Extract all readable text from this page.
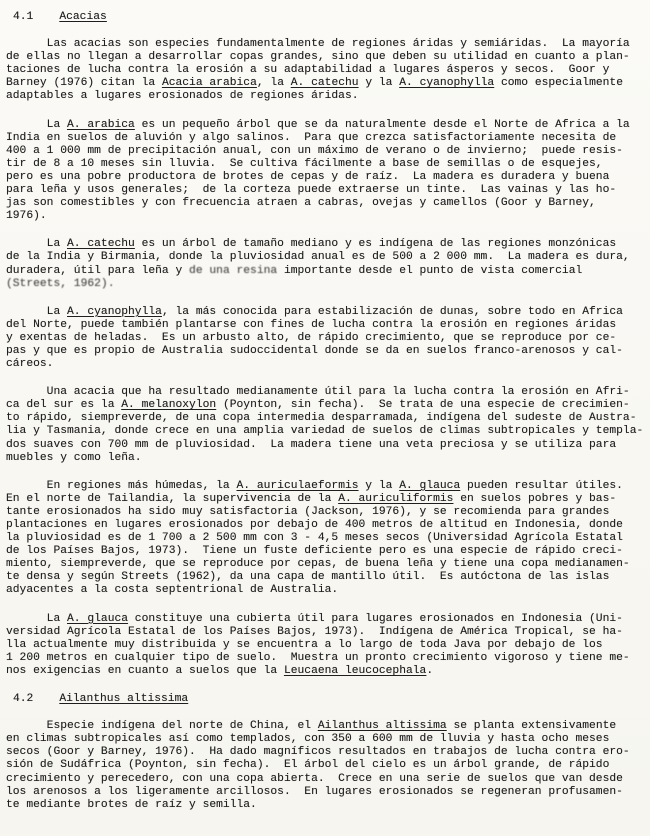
4.1 Acacias
Las acacias son especies fundamentalmente de regiones áridas y semiáridas.  La mayoría
de ellas no llegan a desarrollar copas grandes, sino que deben su utilidad en cuanto a plan-
taciones de lucha contra la erosión a su adaptabilidad a lugares ásperos y secos.  Goor y
Barney (1976) citan la Acacia arabica, la A. catechu y la A. cyanophylla como especialmente
adaptables a lugares erosionados de regiones áridas.
La A. arabica es un pequeño árbol que se da naturalmente desde el Norte de Africa a la
India en suelos de aluvión y algo salinos.  Para que crezca satisfactoriamente necesita de
400 a 1 000 mm de precipitación anual, con un máximo de verano o de invierno;  puede resis-
tir de 8 a 10 meses sin lluvia.  Se cultiva fácilmente a base de semillas o de esquejes,
pero es una pobre productora de brotes de cepas y de raíz.  La madera es duradera y buena
para leña y usos generales;  de la corteza puede extraerse un tinte.  Las vainas y las ho-
jas son comestibles y con frecuencia atraen a cabras, ovejas y camellos (Goor y Barney,
1976).
La A. catechu es un árbol de tamaño mediano y es indígena de las regiones monzónicas
de la India y Birmania, donde la pluviosidad anual es de 500 a 2 000 mm.  La madera es dura,
duradera, útil para leña y de una resina importante desde el punto de vista comercial
(Streets, 1962).
La A. cyanophylla, la más conocida para estabilización de dunas, sobre todo en Africa
del Norte, puede también plantarse con fines de lucha contra la erosión en regiones áridas
y exentas de heladas.  Es un arbusto alto, de rápido crecimiento, que se reproduce por ce-
pas y que es propio de Australia sudoccidental donde se da en suelos franco-arenosos y cal-
cáreos.
Una acacia que ha resultado medianamente útil para la lucha contra la erosión en Afri-
ca del sur es la A. melanoxylon (Poynton, sin fecha).  Se trata de una especie de crecimien-
to rápido, siempreverde, de una copa intermedia desparramada, indígena del sudeste de Austra-
lia y Tasmania, donde crece en una amplia variedad de suelos de climas subtropicales y templa-
dos suaves con 700 mm de pluviosidad.  La madera tiene una veta preciosa y se utiliza para
muebles y como leña.
En regiones más húmedas, la A. auriculaeformis y la A. glauca pueden resultar útiles.
En el norte de Tailandia, la supervivencia de la A. auriculiformis en suelos pobres y bas-
tante erosionados ha sido muy satisfactoria (Jackson, 1976), y se recomienda para grandes
plantaciones en lugares erosionados por debajo de 400 metros de altitud en Indonesia, donde
la pluviosidad es de 1 700 a 2 500 mm con 3 - 4,5 meses secos (Universidad Agrícola Estatal
de los Países Bajos, 1973).  Tiene un fuste deficiente pero es una especie de rápido creci-
miento, siempreverde, que se reproduce por cepas, de buena leña y tiene una copa medianamen-
te densa y según Streets (1962), da una capa de mantillo útil.  Es autóctona de las islas
adyacentes a la costa septentrional de Australia.
La A. glauca constituye una cubierta útil para lugares erosionados en Indonesia (Uni-
versidad Agrícola Estatal de los Países Bajos, 1973).  Indígena de América Tropical, se ha-
lla actualmente muy distribuida y se encuentra a lo largo de toda Java por debajo de los
1 200 metros en cualquier tipo de suelo.  Muestra un pronto crecimiento vigoroso y tiene me-
nos exigencias en cuanto a suelos que la Leucaena leucocephala.
4.2 Ailanthus altissima
Especie indígena del norte de China, el Ailanthus altissima se planta extensivamente
en climas subtropicales así como templados, con 350 a 600 mm de lluvia y hasta ocho meses
secos (Goor y Barney, 1976).  Ha dado magníficos resultados en trabajos de lucha contra ero-
sión de Sudáfrica (Poynton, sin fecha).  El árbol del cielo es un árbol grande, de rápido
crecimiento y perecedero, con una copa abierta.  Crece en una serie de suelos que van desde
los arenosos a los ligeramente arcillosos.  En lugares erosionados se regeneran profusamen-
te mediante brotes de raíz y semilla.
